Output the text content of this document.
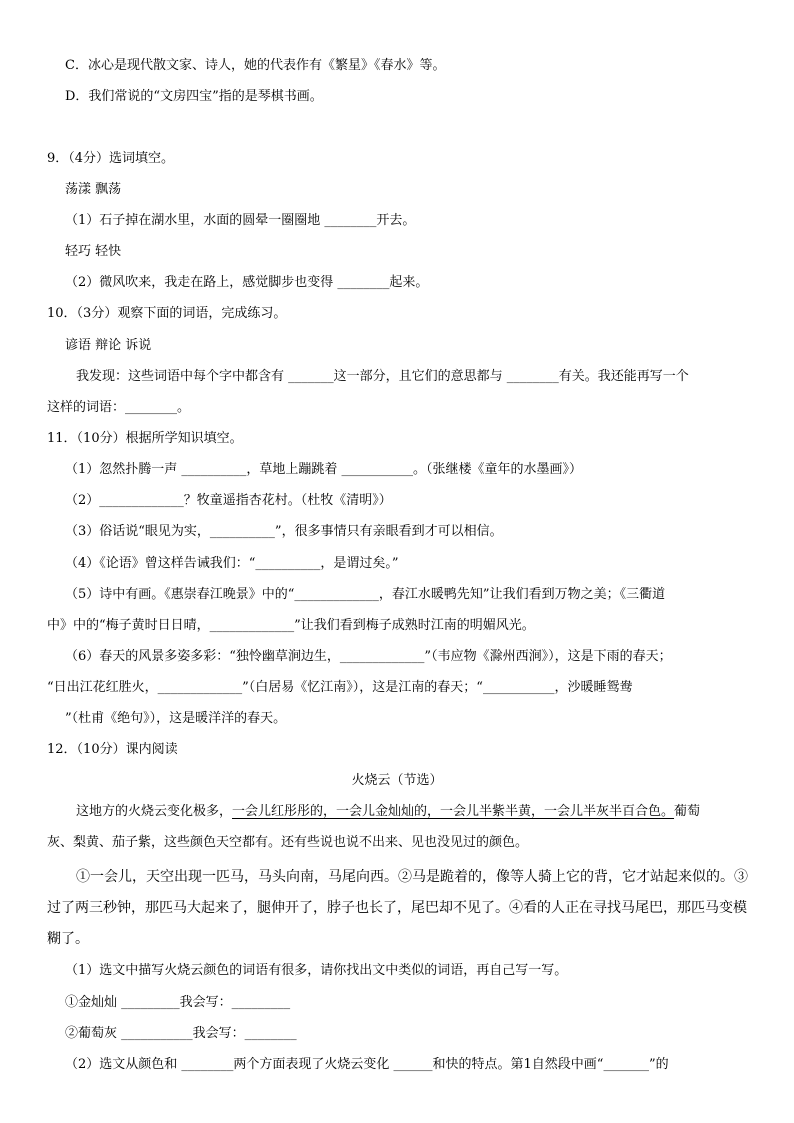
C．冰心是现代散文家、诗人，她的代表作有《繁星》《春水》等。
D．我们常说的“文房四宝”指的是琴棋书画。
9．（4分）选词填空。
荡漾 飘荡
（1）石子掉在湖水里，水面的圆晕一圈圈地 ________开去。
轻巧 轻快
（2）微风吹来，我走在路上，感觉脚步也变得 ________起来。
10．（3分）观察下面的词语，完成练习。
谚语 辩论 诉说
我发现：这些词语中每个字中都含有 _______这一部分，且它们的意思都与 ________有关。我还能再写一个
这样的词语：________。
11．（10分）根据所学知识填空。
（1）忽然扑腾一声 __________，草地上蹦跳着 ___________。（张继楼《童年的水墨画》）
（2）_____________？牧童遥指杏花村。（杜牧《清明》）
（3）俗话说“眼见为实，__________”，很多事情只有亲眼看到才可以相信。
（4）《论语》曾这样告诫我们：“__________，是谓过矣。”
（5）诗中有画。《惠崇春江晚景》中的“_____________，春江水暖鸭先知”让我们看到万物之美；《三衢道
中》中的“梅子黄时日日晴，_____________”让我们看到梅子成熟时江南的明媚风光。
（6）春天的风景多姿多彩：“独怜幽草涧边生，_____________”（韦应物《滁州西涧》），这是下雨的春天；
“日出江花红胜火，_____________”（白居易《忆江南》），这是江南的春天；“___________，沙暖睡鸳鸯
”（杜甫《绝句》），这是暖洋洋的春天。
12．（10分）课内阅读
火烧云（节选）
这地方的火烧云变化极多，一会儿红彤彤的，一会儿金灿灿的，一会儿半紫半黄，一会儿半灰半百合色。葡萄
灰、梨黄、茄子紫，这些颜色天空都有。还有些说也说不出来、见也没见过的颜色。
①一会儿，天空出现一匹马，马头向南，马尾向西。②马是跪着的，像等人骑上它的背，它才站起来似的。③
过了两三秒钟，那匹马大起来了，腿伸开了，脖子也长了，尾巴却不见了。④看的人正在寻找马尾巴，那匹马变模
糊了。
（1）选文中描写火烧云颜色的词语有很多，请你找出文中类似的词语，再自己写一写。
①金灿灿 _________我会写：_________
②葡萄灰 ___________我会写：________
（2）选文从颜色和 ________两个方面表现了火烧云变化 ______和快的特点。第1自然段中画“_______”的
